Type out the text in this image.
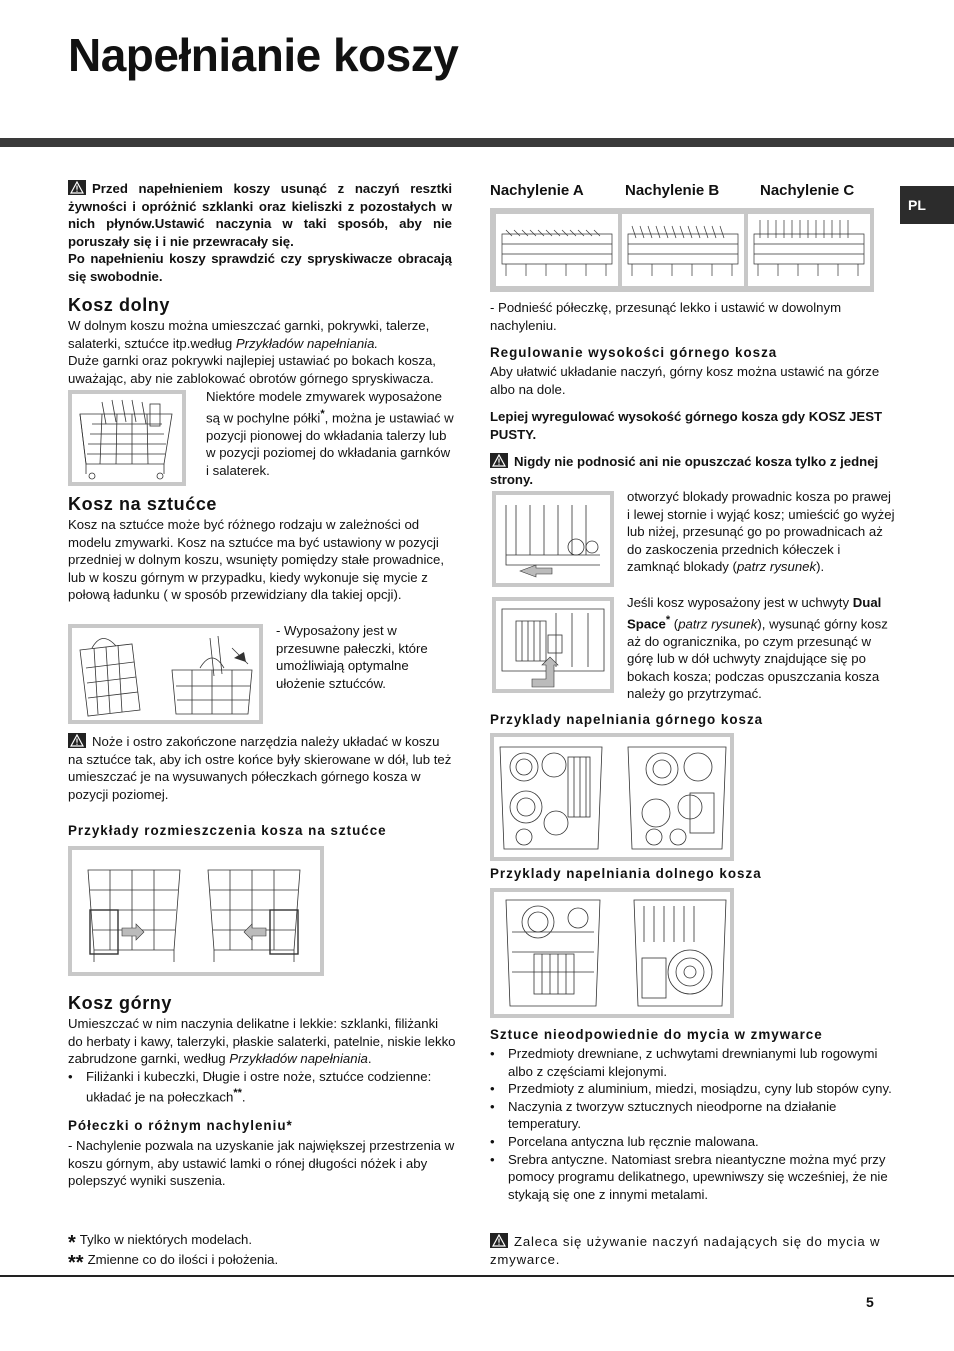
Napełnianie koszy
PL
Przed napełnieniem koszy usunąć z naczyń resztki żywności i opróżnić szklanki oraz kieliszki z pozostałych w nich płynów.Ustawić naczynia w taki sposób, aby nie poruszały się i i nie przewracały się.
Po napełnieniu koszy sprawdzić czy spryskiwacze obracają się swobodnie.
Kosz dolny
W dolnym koszu można umieszczać garnki, pokrywki, talerze, salaterki, sztućce itp.według Przykładów napełniania.
Duże garnki oraz pokrywki najlepiej ustawiać po bokach kosza, uważając, aby nie zablokować obrotów górnego spryskiwacza.
Niektóre modele zmywarek wyposażone są w pochylne półki*, można je ustawiać w pozycji pionowej do wkładania talerzy lub w pozycji poziomej do wkładania garnków i salaterek.
Kosz na sztućce
Kosz na sztućce może być różnego rodzaju w zależności od modelu zmywarki. Kosz na sztućce ma być ustawiony w pozycji przedniej w dolnym koszu, wsunięty pomiędzy stałe prowadnice, lub w koszu górnym w przypadku, kiedy wykonuje się mycie z połową ładunku ( w sposób przewidziany dla takiej opcji).
- Wyposażony jest w przesuwne pałeczki, które umożliwiają optymalne ułożenie sztućców.
Noże i ostro zakończone narzędzia należy układać w koszu na sztućce tak, aby ich ostre końce były skierowane w dół, lub też umieszczać je na wysuwanych półeczkach górnego kosza w pozycji poziomej.
Przykłady rozmieszczenia kosza na sztućce
Kosz górny
Umieszczać w nim naczynia delikatne i lekkie: szklanki, filiżanki do herbaty i kawy, talerzyki, płaskie salaterki, patelnie, niskie lekko zabrudzone garnki, według Przykładów napełniania.
• Filiżanki i kubeczki, Długie i ostre noże, sztućce codzienne: układać je na połeczkach**.
Półeczki o różnym nachyleniu*
- Nachylenie pozwala na uzyskanie jak największej przestrzenia w koszu górnym, aby ustawić lamki o rónej długości nóżek i aby polepszyć wyniki suszenia.
* Tylko w niektórych modelach.
** Zmienne co do ilości i położenia.
Nachylenie A	Nachylenie B	Nachylenie C
- Podnieść półeczkę, przesunąć lekko i ustawić w dowolnym nachyleniu.
Regulowanie wysokości górnego kosza
Aby ułatwić układanie naczyń, górny kosz można ustawić na górze albo na dole.
Lepiej wyregulować wysokość górnego kosza gdy KOSZ JEST PUSTY.
Nigdy nie podnosić ani nie opuszczać kosza tylko z jednej strony.
otworzyć blokady prowadnic kosza po prawej i lewej stornie i wyjąć kosz; umieścić go wyżej lub niżej, przesunąć go po prowadnicach aż do zaskoczenia przednich kółeczek i zamknąć blokady (patrz rysunek).
Jeśli kosz wyposażony jest w uchwyty Dual Space* (patrz rysunek), wysunąć górny kosz aż do ogranicznika, po czym przesunąć w górę lub w dół uchwyty znajdujące się po bokach kosza; podczas opuszczania kosza należy go przytrzymać.
Przyklady napelniania górnego kosza
Przyklady napelniania dolnego kosza
Sztuce nieodpowiednie do mycia w zmywarce
• Przedmioty drewniane, z uchwytami drewnianymi lub rogowymi albo z częściami klejonymi.
• Przedmioty z aluminium, miedzi, mosiądzu, cyny lub stopów cyny.
• Naczynia z tworzyw sztucznych nieodporne na działanie temperatury.
• Porcelana antyczna lub ręcznie malowana.
• Srebra antyczne. Natomiast srebra nieantyczne można myć przy pomocy programu delikatnego, upewniwszy się wcześniej, że nie stykają się one z innymi metalami.
Zaleca się używanie naczyń nadających się do mycia w zmywarce.
5
